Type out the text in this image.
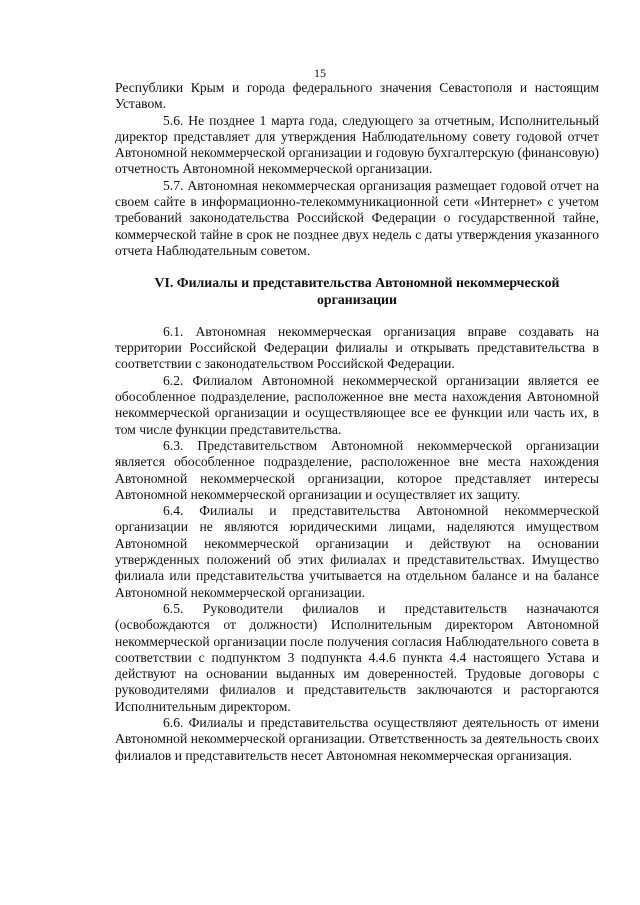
15

Республики Крым и города федерального значения Севастополя и настоящим Уставом.

5.6. Не позднее 1 марта года, следующего за отчетным, Исполнительный директор представляет для утверждения Наблюдательному совету годовой отчет Автономной некоммерческой организации и годовую бухгалтерскую (финансовую) отчетность Автономной некоммерческой организации.

5.7. Автономная некоммерческая организация размещает годовой отчет на своем сайте в информационно-телекоммуникационной сети «Интернет» с учетом требований законодательства Российской Федерации о государственной тайне, коммерческой тайне в срок не позднее двух недель с даты утверждения указанного отчета Наблюдательным советом.

VI. Филиалы и представительства Автономной некоммерческой организации

6.1. Автономная некоммерческая организация вправе создавать на территории Российской Федерации филиалы и открывать представительства в соответствии с законодательством Российской Федерации.

6.2. Филиалом Автономной некоммерческой организации является ее обособленное подразделение, расположенное вне места нахождения Автономной некоммерческой организации и осуществляющее все ее функции или часть их, в том числе функции представительства.

6.3. Представительством Автономной некоммерческой организации является обособленное подразделение, расположенное вне места нахождения Автономной некоммерческой организации, которое представляет интересы Автономной некоммерческой организации и осуществляет их защиту.

6.4. Филиалы и представительства Автономной некоммерческой организации не являются юридическими лицами, наделяются имуществом Автономной некоммерческой организации и действуют на основании утвержденных положений об этих филиалах и представительствах. Имущество филиала или представительства учитывается на отдельном балансе и на балансе Автономной некоммерческой организации.

6.5. Руководители филиалов и представительств назначаются (освобождаются от должности) Исполнительным директором Автономной некоммерческой организации после получения согласия Наблюдательного совета в соответствии с подпунктом 3 подпункта 4.4.6 пункта 4.4 настоящего Устава и действуют на основании выданных им доверенностей. Трудовые договоры с руководителями филиалов и представительств заключаются и расторгаются Исполнительным директором.

6.6. Филиалы и представительства осуществляют деятельность от имени Автономной некоммерческой организации. Ответственность за деятельность своих филиалов и представительств несет Автономная некоммерческая организация.
